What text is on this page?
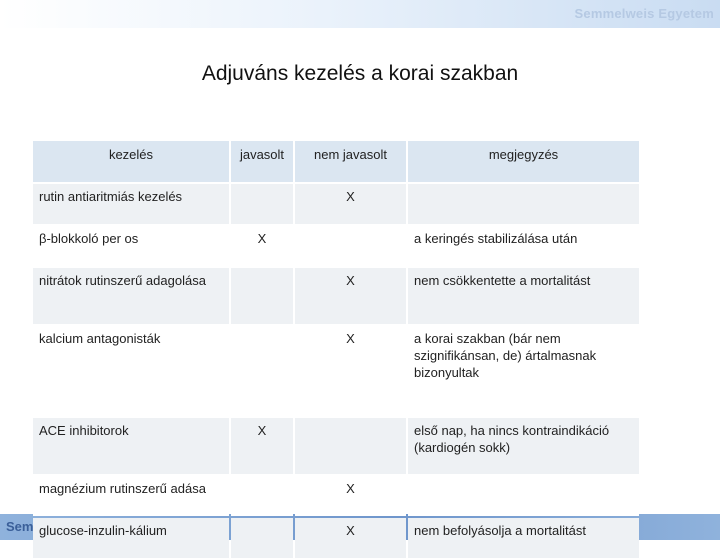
Semmelweis Egyetem
Sem
Adjuváns kezelés a korai szakban
kezelés	javasolt	nem javasolt	megjegyzés
rutin antiaritmiás kezelés		X	
β-blokkoló per os	X		a keringés stabilizálása után
nitrátok rutinszerű adagolása		X	nem csökkentette a mortalitást
kalcium antagonisták		X	a korai szakban (bár nem szignifikánsan, de) ártalmasnak bizonyultak
ACE inhibitorok	X		első nap, ha nincs kontraindikáció (kardiogén sokk)
magnézium rutinszerű adása		X	
glucose-inzulin-kálium		X	nem befolyásolja a mortalitást
